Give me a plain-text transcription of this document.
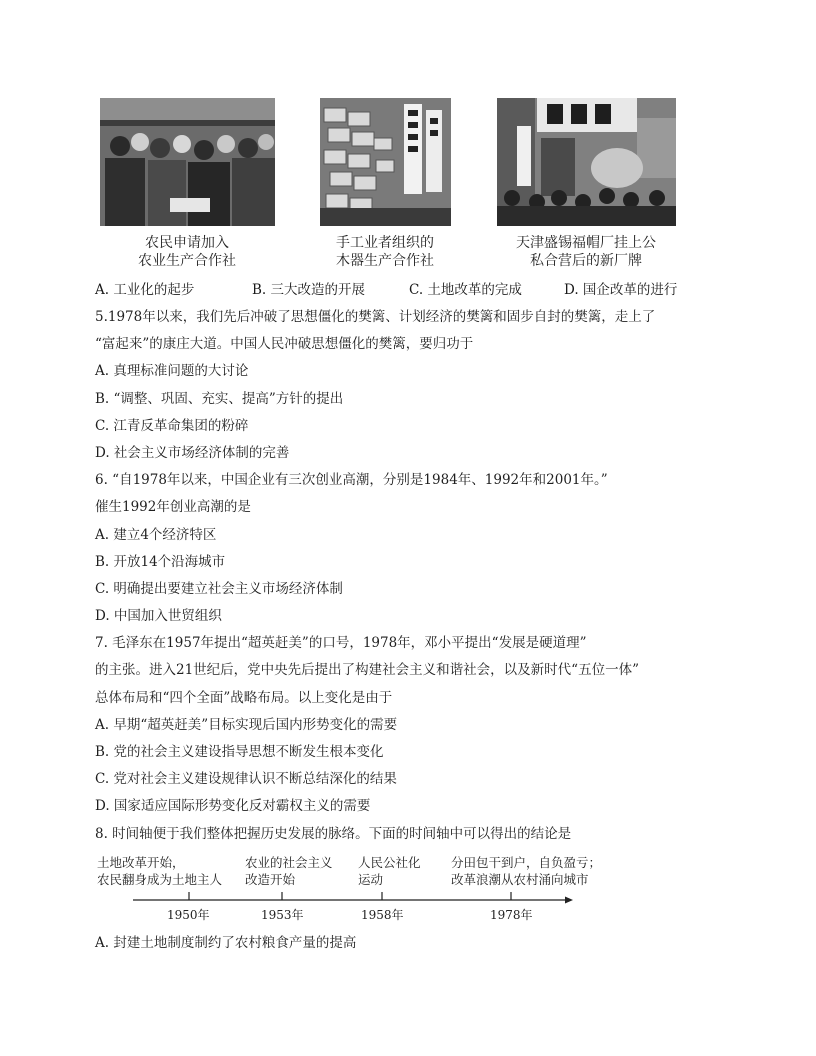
农民申请加入
农业生产合作社
手工业者组织的
木器生产合作社
天津盛锡福帽厂挂上公
私合营后的新厂牌
A. 工业化的起步	B. 三大改造的开展	C. 土地改革的完成	D. 国企改革的进行
5.1978年以来，我们先后冲破了思想僵化的樊篱、计划经济的樊篱和固步自封的樊篱，走上了
“富起来”的康庄大道。中国人民冲破思想僵化的樊篱，要归功于
A. 真理标准问题的大讨论
B. “调整、巩固、充实、提高”方针的提出
C. 江青反革命集团的粉碎
D. 社会主义市场经济体制的完善
6. “自1978年以来，中国企业有三次创业高潮，分别是1984年、1992年和2001年。”
催生1992年创业高潮的是
A. 建立4个经济特区
B. 开放14个沿海城市
C. 明确提出要建立社会主义市场经济体制
D. 中国加入世贸组织
7. 毛泽东在1957年提出“超英赶美”的口号，1978年，邓小平提出“发展是硬道理”
的主张。进入21世纪后，党中央先后提出了构建社会主义和谐社会，以及新时代“五位一体”
总体布局和“四个全面”战略布局。以上变化是由于
A. 早期“超英赶美”目标实现后国内形势变化的需要
B. 党的社会主义建设指导思想不断发生根本变化
C. 党对社会主义建设规律认识不断总结深化的结果
D. 国家适应国际形势变化反对霸权主义的需要
8. 时间轴便于我们整体把握历史发展的脉络。下面的时间轴中可以得出的结论是
土地改革开始，
农民翻身成为土地主人
农业的社会主义
改造开始
人民公社化
运动
分田包干到户，自负盈亏；
改革浪潮从农村涌向城市
1950年	1953年	1958年	1978年
A. 封建土地制度制约了农村粮食产量的提高
